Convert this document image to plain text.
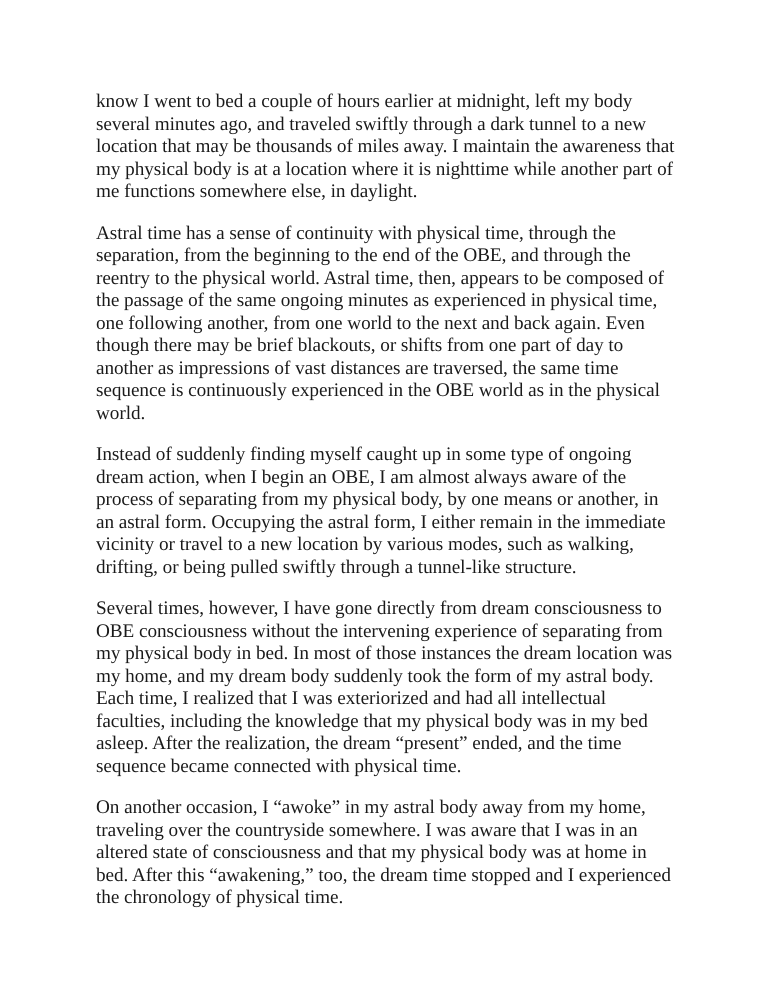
know I went to bed a couple of hours earlier at midnight, left my body
several minutes ago, and traveled swiftly through a dark tunnel to a new
location that may be thousands of miles away. I maintain the awareness that
my physical body is at a location where it is nighttime while another part of
me functions somewhere else, in daylight.

Astral time has a sense of continuity with physical time, through the
separation, from the beginning to the end of the OBE, and through the
reentry to the physical world. Astral time, then, appears to be composed of
the passage of the same ongoing minutes as experienced in physical time,
one following another, from one world to the next and back again. Even
though there may be brief blackouts, or shifts from one part of day to
another as impressions of vast distances are traversed, the same time
sequence is continuously experienced in the OBE world as in the physical
world.

Instead of suddenly finding myself caught up in some type of ongoing
dream action, when I begin an OBE, I am almost always aware of the
process of separating from my physical body, by one means or another, in
an astral form. Occupying the astral form, I either remain in the immediate
vicinity or travel to a new location by various modes, such as walking,
drifting, or being pulled swiftly through a tunnel-like structure.

Several times, however, I have gone directly from dream consciousness to
OBE consciousness without the intervening experience of separating from
my physical body in bed. In most of those instances the dream location was
my home, and my dream body suddenly took the form of my astral body.
Each time, I realized that I was exteriorized and had all intellectual
faculties, including the knowledge that my physical body was in my bed
asleep. After the realization, the dream “present” ended, and the time
sequence became connected with physical time.

On another occasion, I “awoke” in my astral body away from my home,
traveling over the countryside somewhere. I was aware that I was in an
altered state of consciousness and that my physical body was at home in
bed. After this “awakening,” too, the dream time stopped and I experienced
the chronology of physical time.
